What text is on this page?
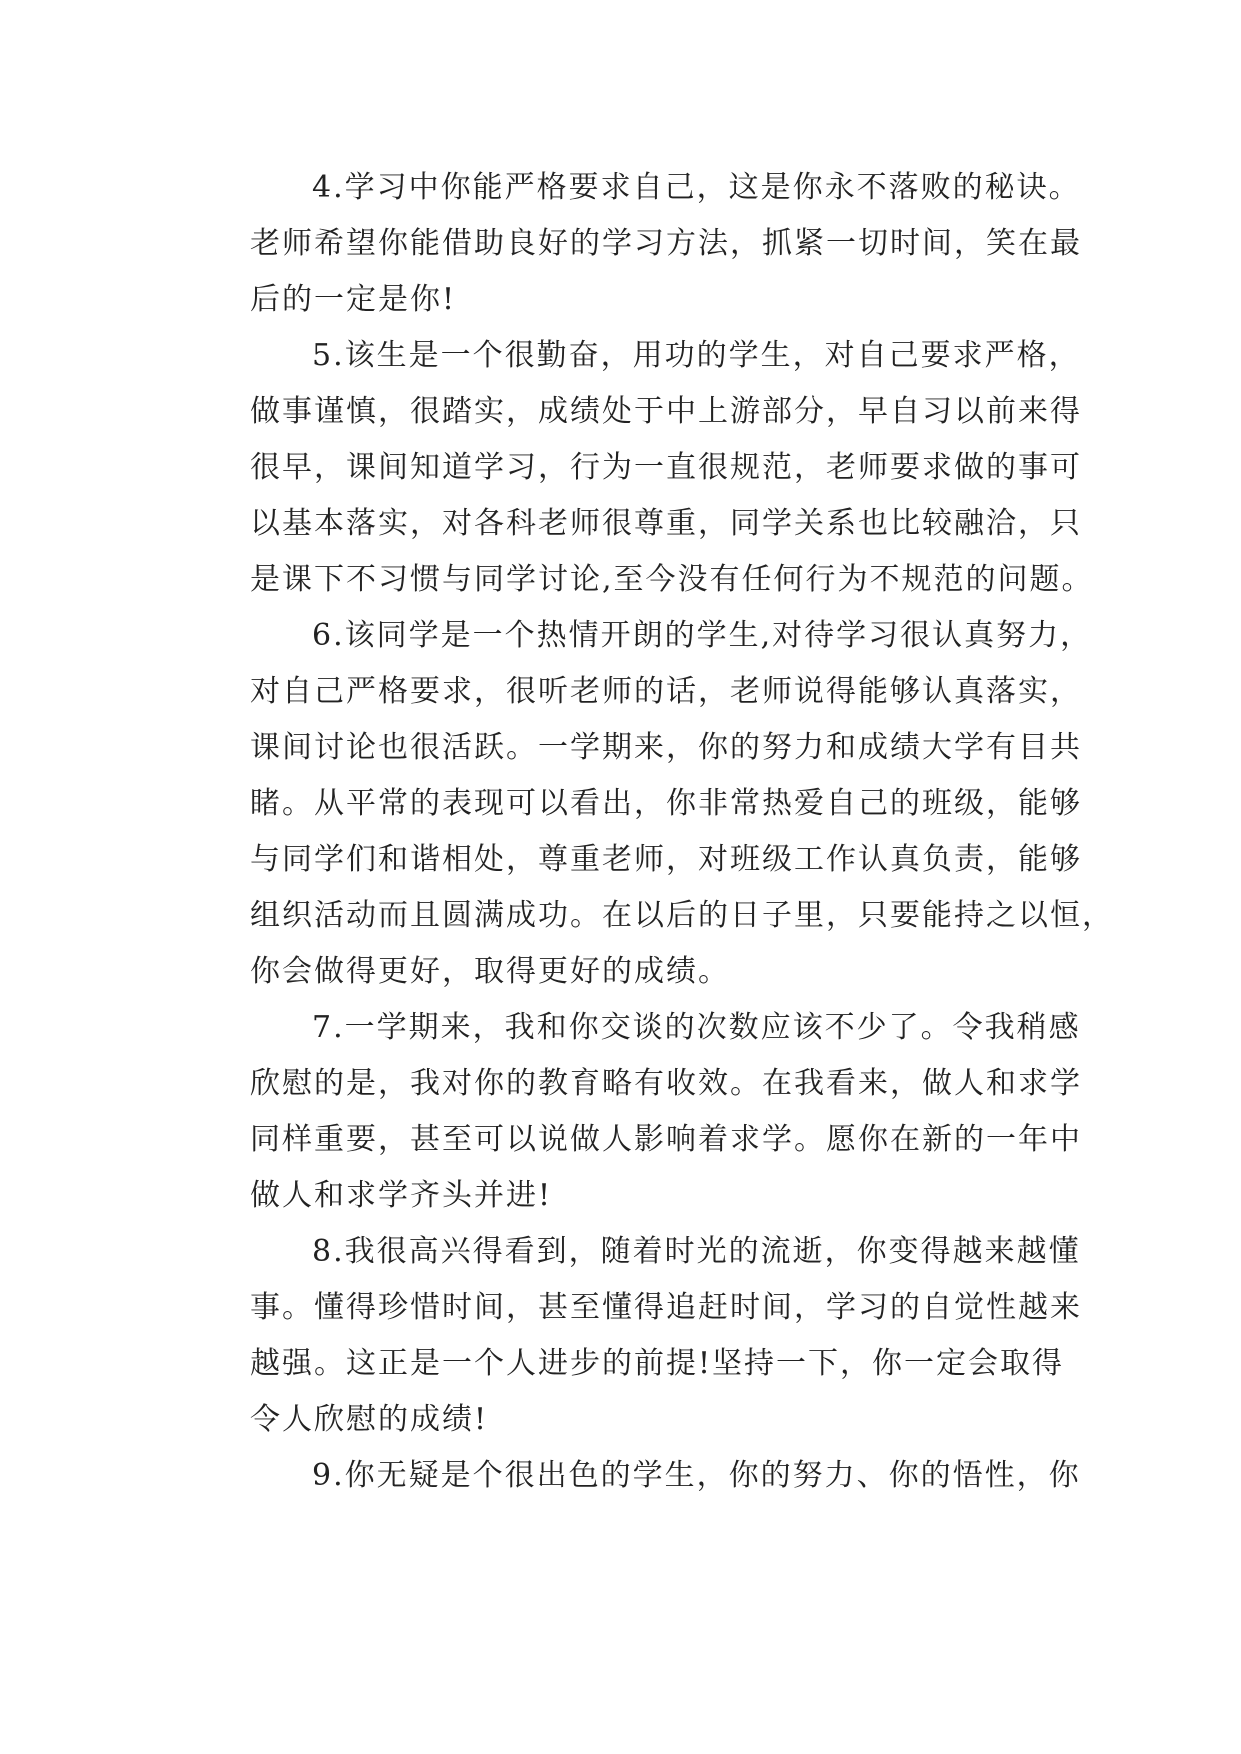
4.学习中你能严格要求自己，这是你永不落败的秘诀。
老师希望你能借助良好的学习方法，抓紧一切时间，笑在最
后的一定是你!
5.该生是一个很勤奋，用功的学生，对自己要求严格，
做事谨慎，很踏实，成绩处于中上游部分，早自习以前来得
很早，课间知道学习，行为一直很规范，老师要求做的事可
以基本落实，对各科老师很尊重，同学关系也比较融洽，只
是课下不习惯与同学讨论,至今没有任何行为不规范的问题。
6.该同学是一个热情开朗的学生,对待学习很认真努力，
对自己严格要求，很听老师的话，老师说得能够认真落实，
课间讨论也很活跃。一学期来，你的努力和成绩大学有目共
睹。从平常的表现可以看出，你非常热爱自己的班级，能够
与同学们和谐相处，尊重老师，对班级工作认真负责，能够
组织活动而且圆满成功。在以后的日子里，只要能持之以恒，
你会做得更好，取得更好的成绩。
7.一学期来，我和你交谈的次数应该不少了。令我稍感
欣慰的是，我对你的教育略有收效。在我看来，做人和求学
同样重要，甚至可以说做人影响着求学。愿你在新的一年中
做人和求学齐头并进!
8.我很高兴得看到，随着时光的流逝，你变得越来越懂
事。懂得珍惜时间，甚至懂得追赶时间，学习的自觉性越来
越强。这正是一个人进步的前提!坚持一下，你一定会取得
令人欣慰的成绩!
9.你无疑是个很出色的学生，你的努力、你的悟性，你
